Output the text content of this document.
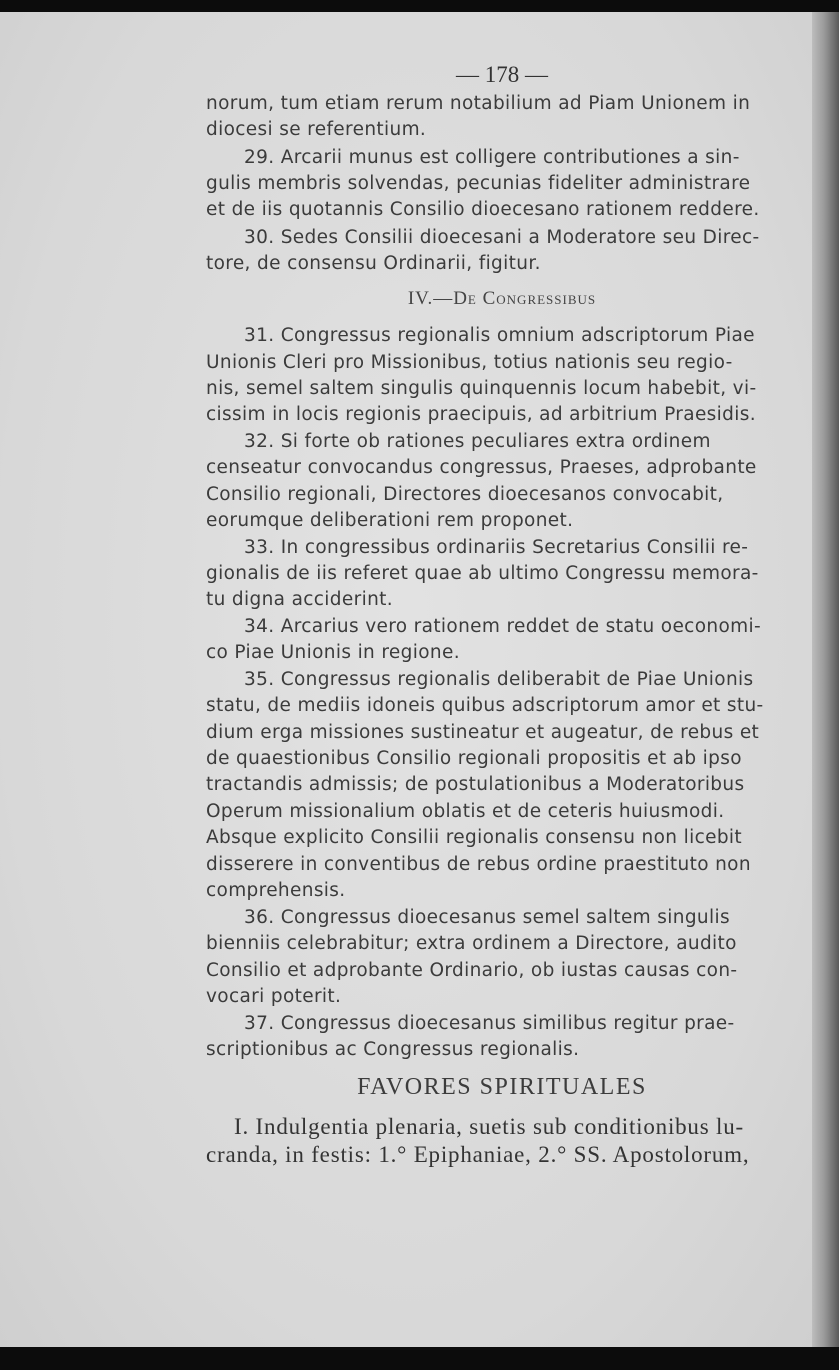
— 178 —
norum, tum etiam rerum notabilium ad Piam Unionem in
diocesi se referentium.
29. Arcarii munus est colligere contributiones a sin-
gulis membris solvendas, pecunias fideliter administrare
et de iis quotannis Consilio dioecesano rationem reddere.
30. Sedes Consilii dioecesani a Moderatore seu Direc-
tore, de consensu Ordinarii, figitur.
IV.—De Congressibus
31. Congressus regionalis omnium adscriptorum Piae
Unionis Cleri pro Missionibus, totius nationis seu regio-
nis, semel saltem singulis quinquennis locum habebit, vi-
cissim in locis regionis praecipuis, ad arbitrium Praesidis.
32. Si forte ob rationes peculiares extra ordinem
censeatur convocandus congressus, Praeses, adprobante
Consilio regionali, Directores dioecesanos convocabit,
eorumque deliberationi rem proponet.
33. In congressibus ordinariis Secretarius Consilii re-
gionalis de iis referet quae ab ultimo Congressu memora-
tu digna acciderint.
34. Arcarius vero rationem reddet de statu oeconomi-
co Piae Unionis in regione.
35. Congressus regionalis deliberabit de Piae Unionis
statu, de mediis idoneis quibus adscriptorum amor et stu-
dium erga missiones sustineatur et augeatur, de rebus et
de quaestionibus Consilio regionali propositis et ab ipso
tractandis admissis; de postulationibus a Moderatoribus
Operum missionalium oblatis et de ceteris huiusmodi.
Absque explicito Consilii regionalis consensu non licebit
disserere in conventibus de rebus ordine praestituto non
comprehensis.
36. Congressus dioecesanus semel saltem singulis
bienniis celebrabitur; extra ordinem a Directore, audito
Consilio et adprobante Ordinario, ob iustas causas con-
vocari poterit.
37. Congressus dioecesanus similibus regitur prae-
scriptionibus ac Congressus regionalis.
FAVORES SPIRITUALES
I. Indulgentia plenaria, suetis sub conditionibus lu-
cranda, in festis: 1.° Epiphaniae, 2.° SS. Apostolorum,
